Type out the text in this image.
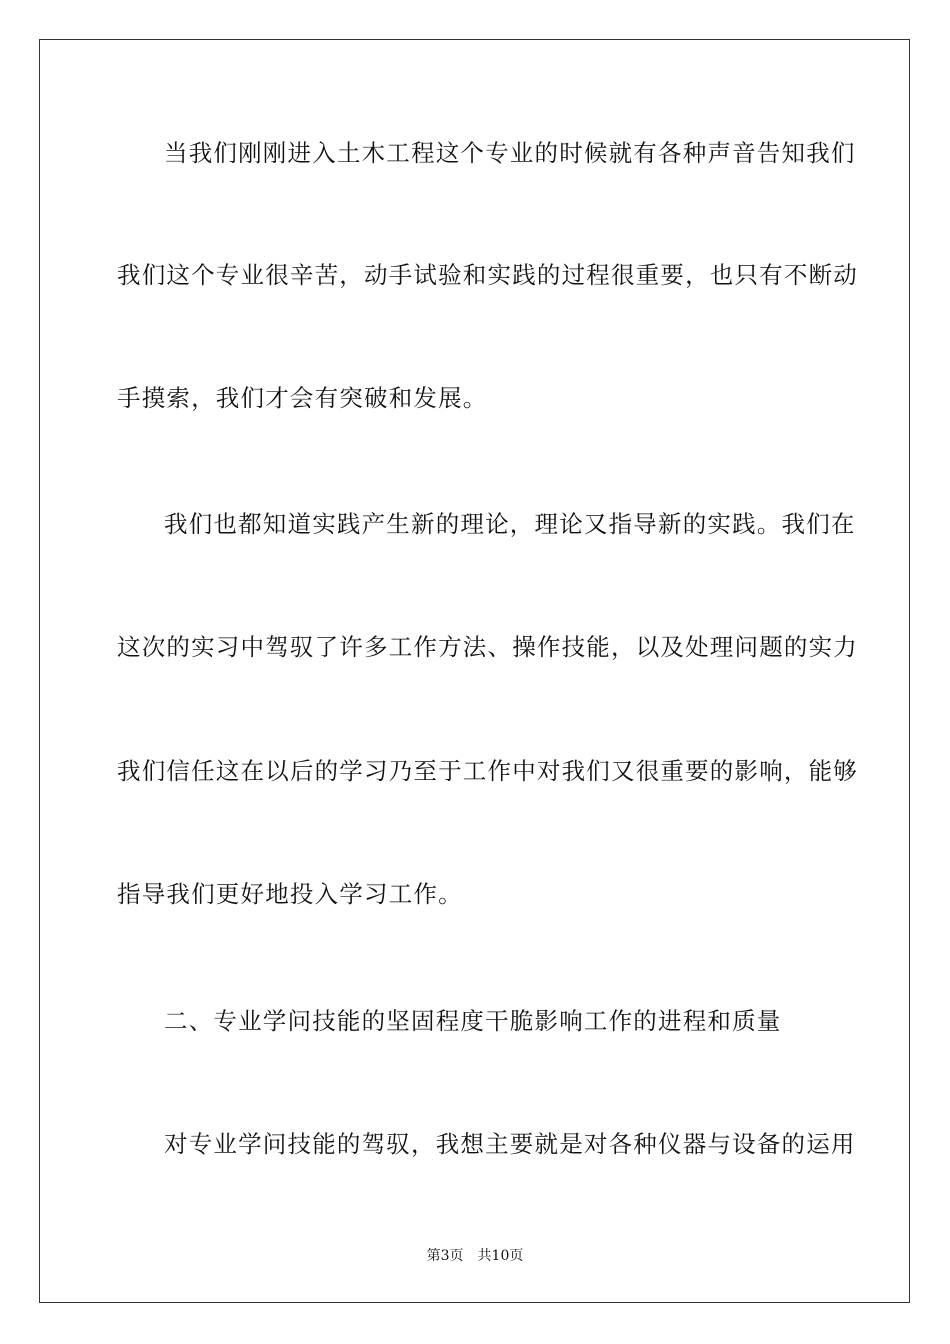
当我们刚刚进入土木工程这个专业的时候就有各种声音告知我们
我们这个专业很辛苦，动手试验和实践的过程很重要，也只有不断动
手摸索，我们才会有突破和发展。
我们也都知道实践产生新的理论，理论又指导新的实践。我们在
这次的实习中驾驭了许多工作方法、操作技能，以及处理问题的实力
我们信任这在以后的学习乃至于工作中对我们又很重要的影响，能够
指导我们更好地投入学习工作。
二、专业学问技能的坚固程度干脆影响工作的进程和质量
对专业学问技能的驾驭，我想主要就是对各种仪器与设备的运用
第3页　共10页
